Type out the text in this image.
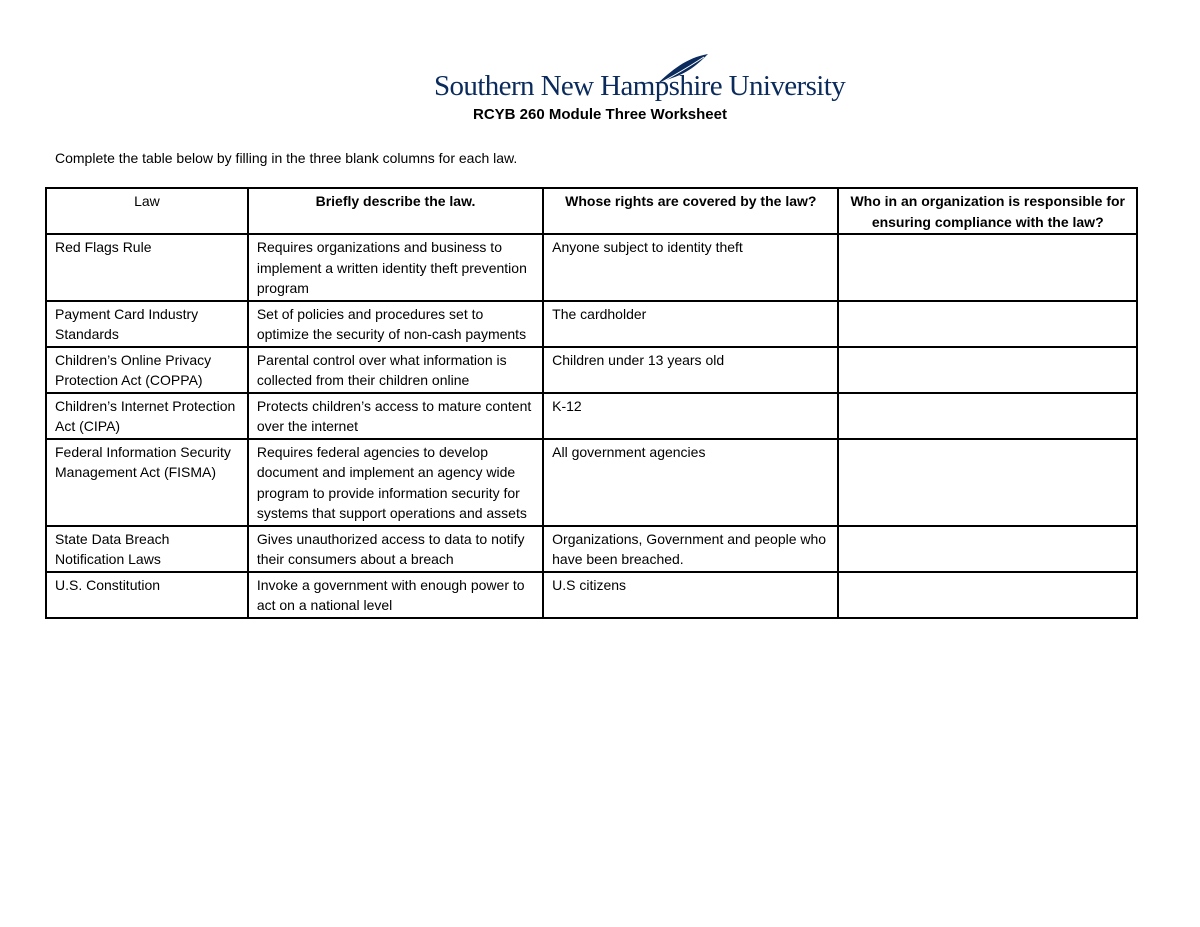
Southern New Hampshire University
RCYB 260 Module Three Worksheet
Complete the table below by filling in the three blank columns for each law.
Law	Briefly describe the law.	Whose rights are covered by the law?	Who in an organization is responsible for ensuring compliance with the law?
Red Flags Rule	Requires organizations and business to implement a written identity theft prevention program	Anyone subject to identity theft	
Payment Card Industry Standards	Set of policies and procedures set to optimize the security of non-cash payments	The cardholder	
Children’s Online Privacy Protection Act (COPPA)	Parental control over what information is collected from their children online	Children under 13 years old	
Children’s Internet Protection Act (CIPA)	Protects children’s access to mature content over the internet	K-12	
Federal Information Security Management Act (FISMA)	Requires federal agencies to develop document and implement an agency wide program to provide information security for systems that support operations and assets	All government agencies	
State Data Breach Notification Laws	Gives unauthorized access to data to notify their consumers about a breach	Organizations, Government and people who have been breached.	
U.S. Constitution	Invoke a government with enough power to act on a national level	U.S citizens	
